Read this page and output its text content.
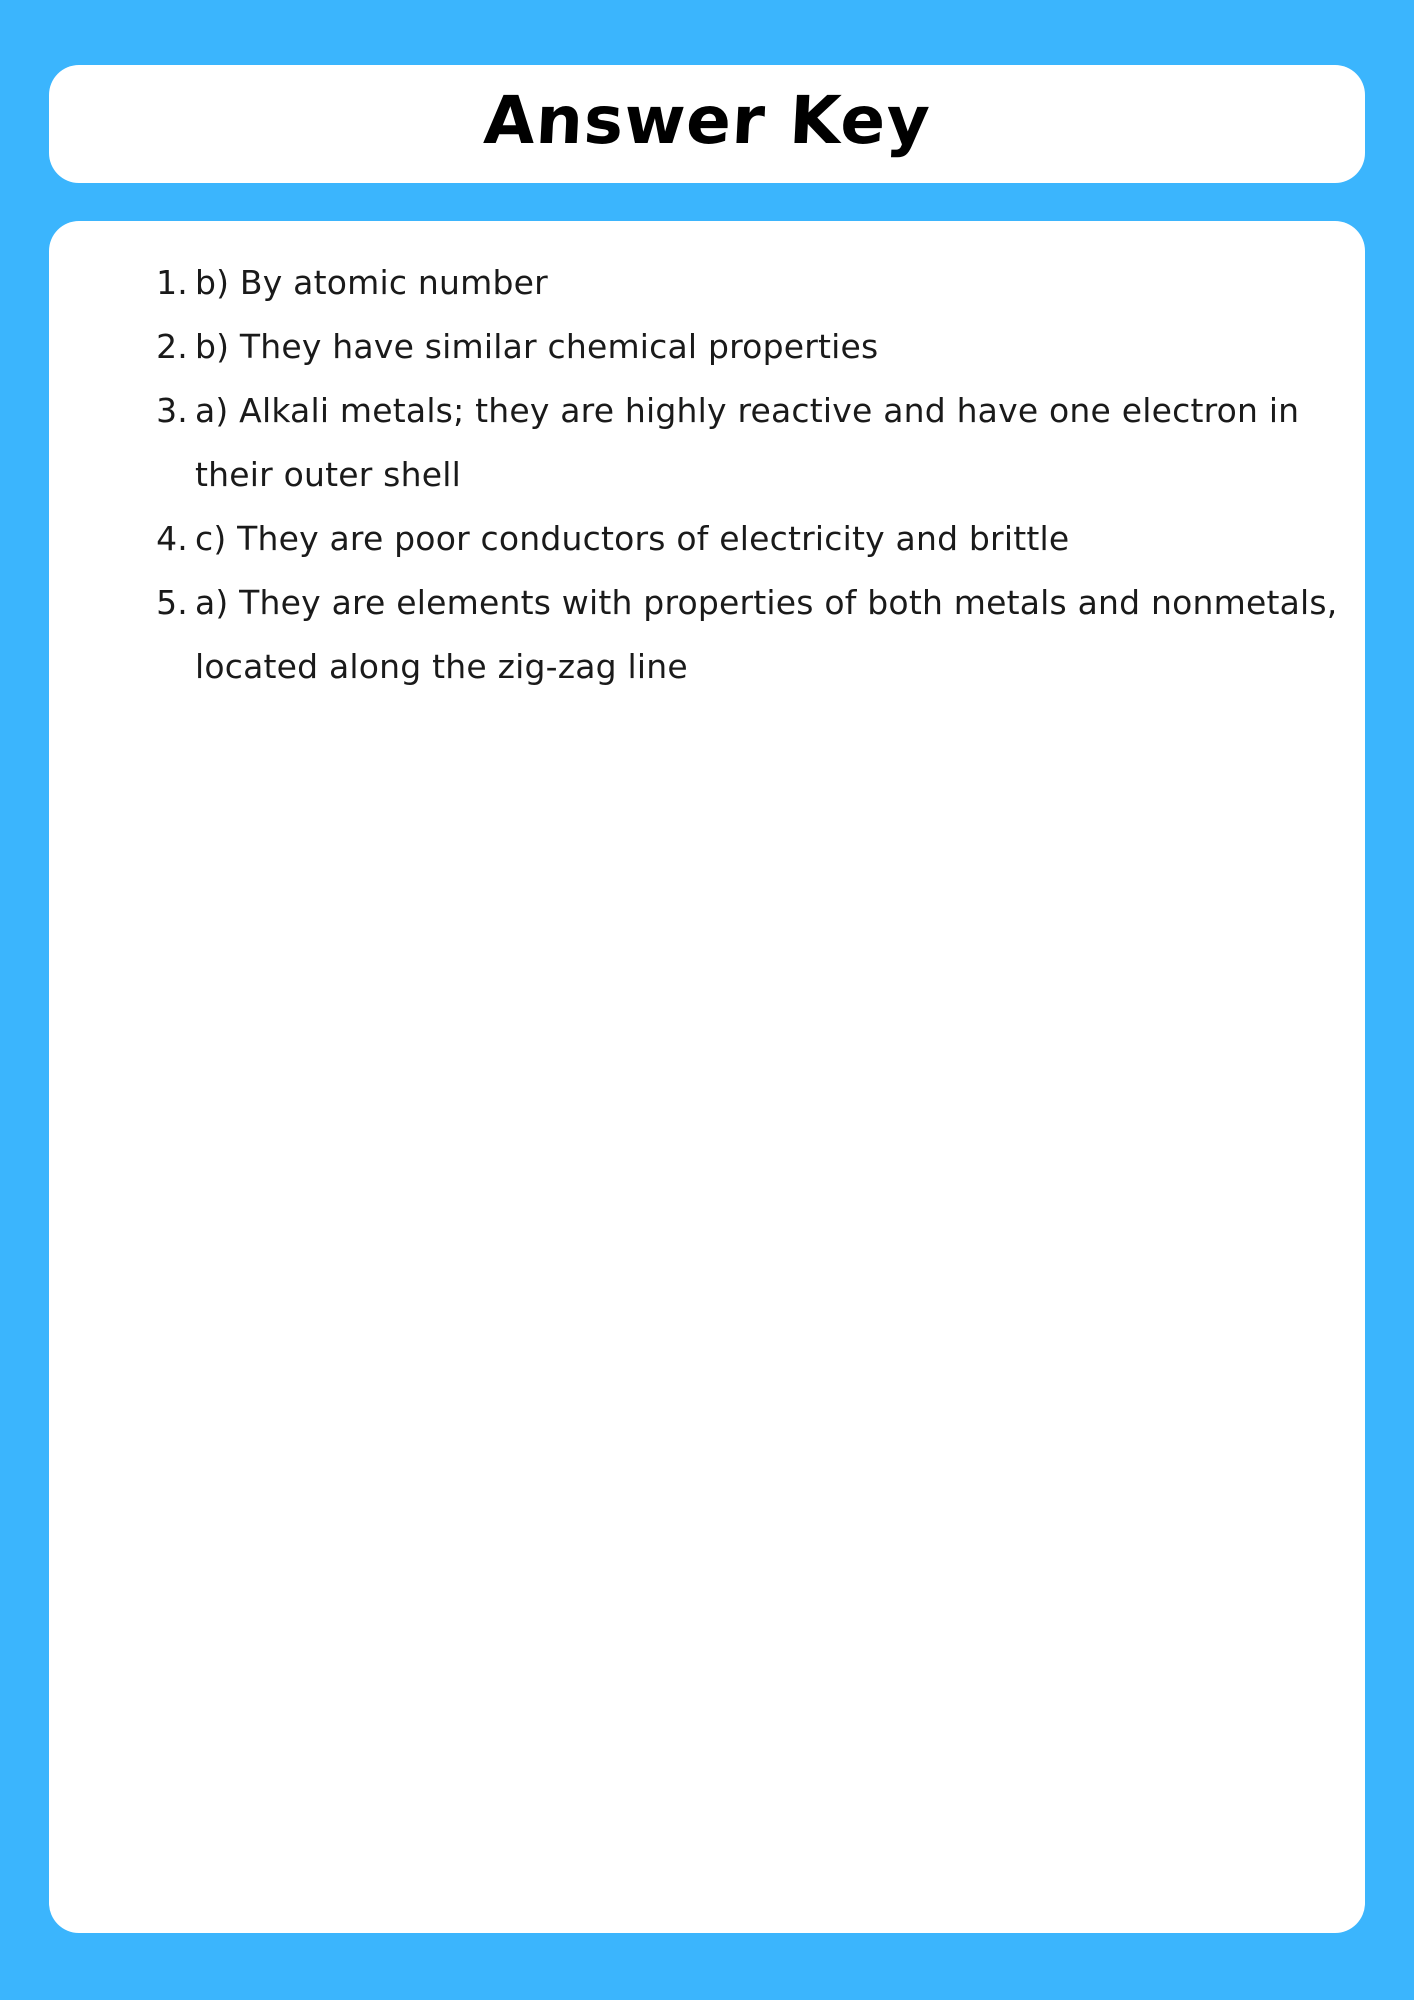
Answer Key
1. b) By atomic number
2. b) They have similar chemical properties
3. a) Alkali metals; they are highly reactive and have one electron in their outer shell
4. c) They are poor conductors of electricity and brittle
5. a) They are elements with properties of both metals and nonmetals, located along the zig-zag line
